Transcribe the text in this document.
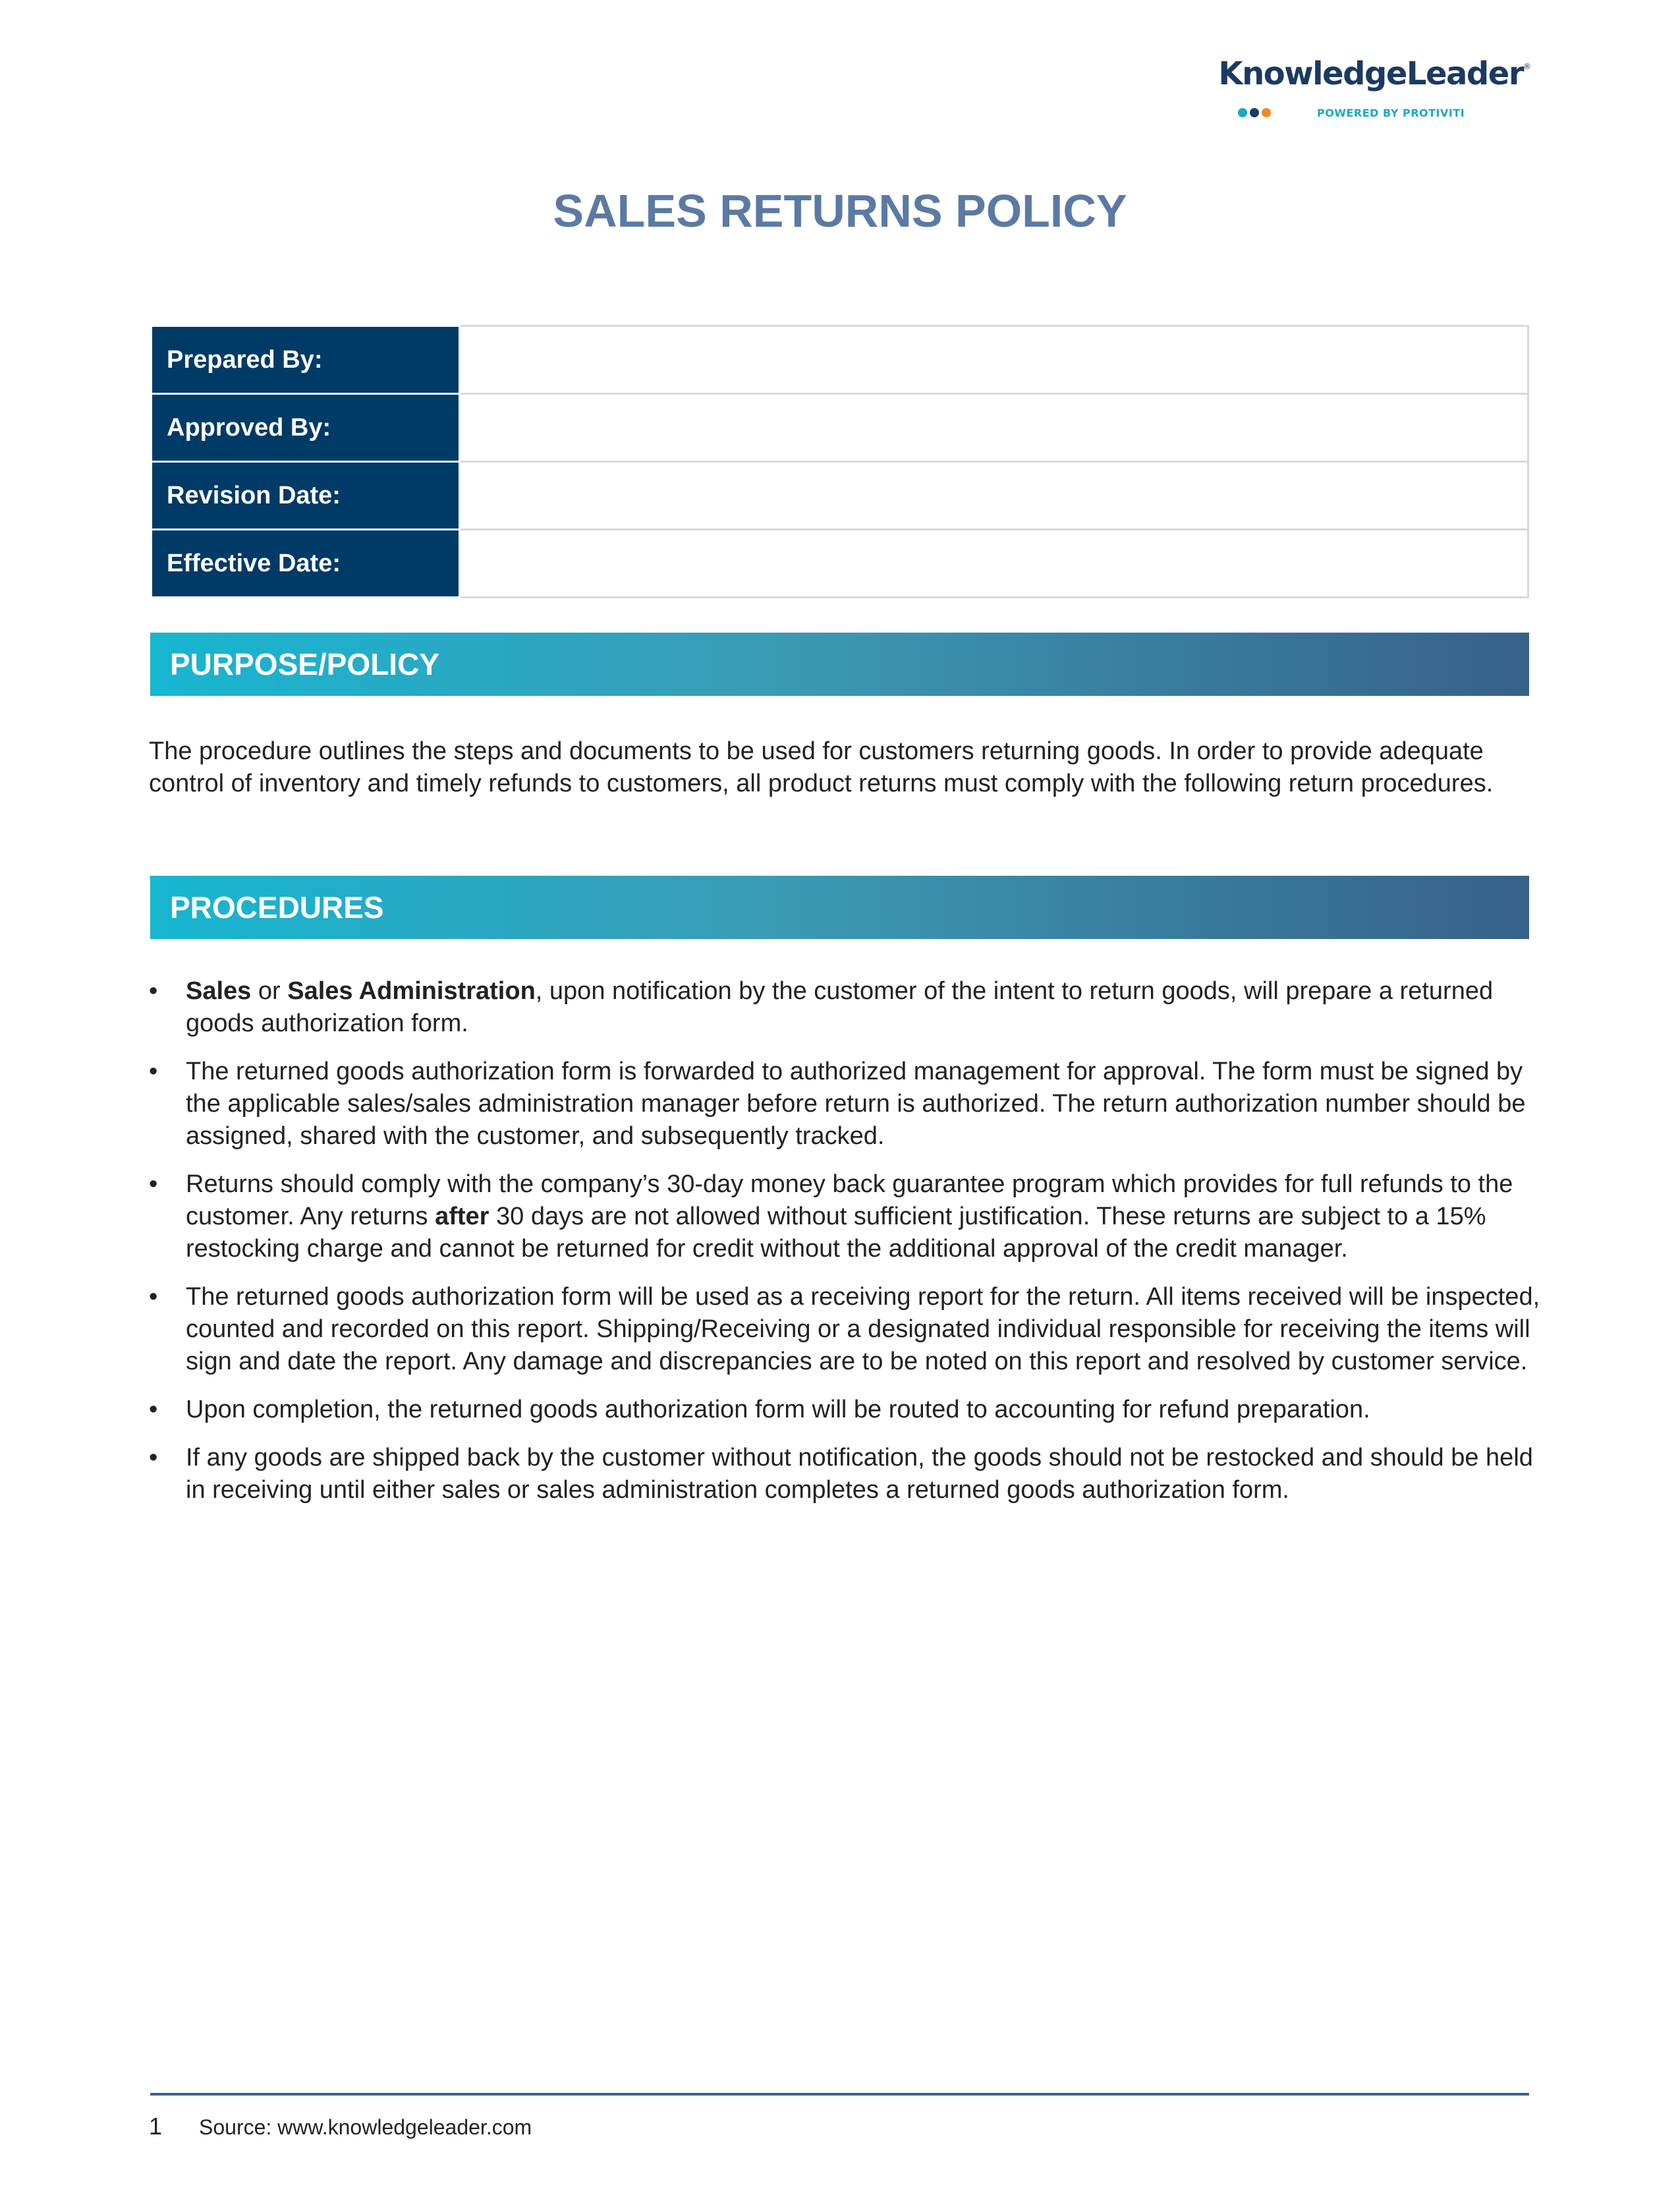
KnowledgeLeader®
POWERED BY PROTIVITI
SALES RETURNS POLICY
Prepared By:	
Approved By:	
Revision Date:	
Effective Date:	
PURPOSE/POLICY
The procedure outlines the steps and documents to be used for customers returning goods. In order to provide adequate control of inventory and timely refunds to customers, all product returns must comply with the following return procedures.
PROCEDURES
• Sales or Sales Administration, upon notification by the customer of the intent to return goods, will prepare a returned goods authorization form.
• The returned goods authorization form is forwarded to authorized management for approval. The form must be signed by the applicable sales/sales administration manager before return is authorized. The return authorization number should be assigned, shared with the customer, and subsequently tracked.
• Returns should comply with the company’s 30-day money back guarantee program which provides for full refunds to the customer. Any returns after 30 days are not allowed without sufficient justification. These returns are subject to a 15% restocking charge and cannot be returned for credit without the additional approval of the credit manager.
• The returned goods authorization form will be used as a receiving report for the return. All items received will be inspected, counted and recorded on this report. Shipping/Receiving or a designated individual responsible for receiving the items will sign and date the report. Any damage and discrepancies are to be noted on this report and resolved by customer service.
• Upon completion, the returned goods authorization form will be routed to accounting for refund preparation.
• If any goods are shipped back by the customer without notification, the goods should not be restocked and should be held in receiving until either sales or sales administration completes a returned goods authorization form.
1 Source: www.knowledgeleader.com
